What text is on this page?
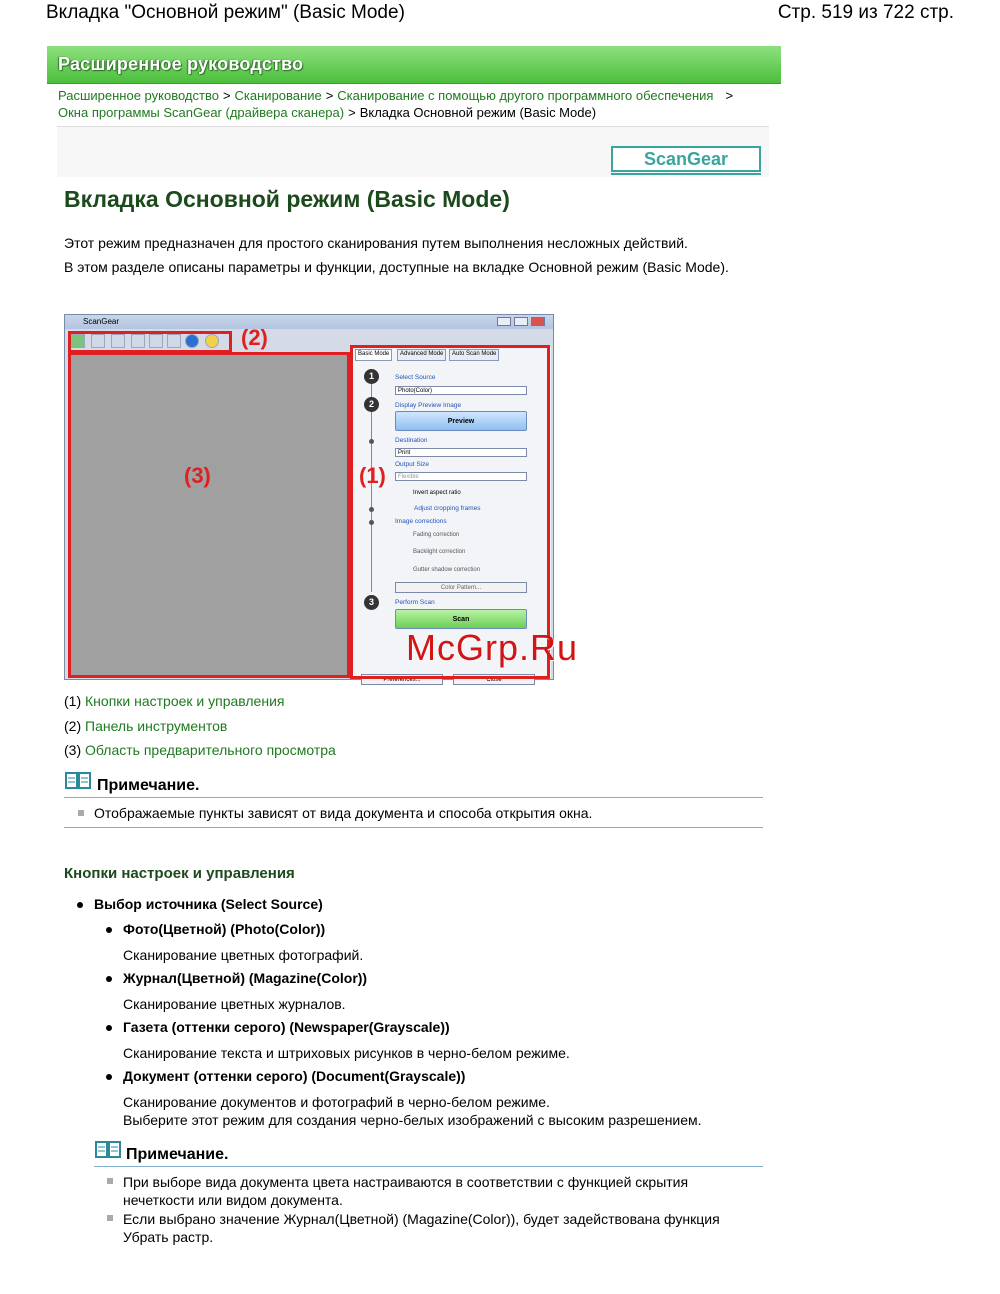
Вкладка "Основной режим" (Basic Mode)	Стр. 519 из 722 стр.
Расширенное руководство
Расширенное руководство > Сканирование > Сканирование с помощью другого программного обеспечения >
Окна программы ScanGear (драйвера сканера) > Вкладка Основной режим (Basic Mode)
ScanGear
Вкладка Основной режим (Basic Mode)
Этот режим предназначен для простого сканирования путем выполнения несложных действий.
В этом разделе описаны параметры и функции, доступные на вкладке Основной режим (Basic Mode).
ScanGear
Basic Mode	Advanced Mode	Auto Scan Mode
1	Select Source
Photo(Color)
2	Display Preview Image
Preview
Destination
Print
Output Size
Flexible
Invert aspect ratio
Adjust cropping frames
Image corrections
Fading correction
Backlight correction
Gutter shadow correction
Color Pattern...
3	Perform Scan
Scan
Preferences...	Close
(2)
(3)	(1)
McGrp.Ru
(1) Кнопки настроек и управления
(2) Панель инструментов
(3) Область предварительного просмотра
Примечание.
Отображаемые пункты зависят от вида документа и способа открытия окна.
Кнопки настроек и управления
Выбор источника (Select Source)
Фото(Цветной) (Photo(Color))
Сканирование цветных фотографий.
Журнал(Цветной) (Magazine(Color))
Сканирование цветных журналов.
Газета (оттенки серого) (Newspaper(Grayscale))
Сканирование текста и штриховых рисунков в черно-белом режиме.
Документ (оттенки серого) (Document(Grayscale))
Сканирование документов и фотографий в черно-белом режиме.
Выберите этот режим для создания черно-белых изображений с высоким разрешением.
Примечание.
При выборе вида документа цвета настраиваются в соответствии с функцией скрытия нечеткости или видом документа.
Если выбрано значение Журнал(Цветной) (Magazine(Color)), будет задействована функция Убрать растр.
